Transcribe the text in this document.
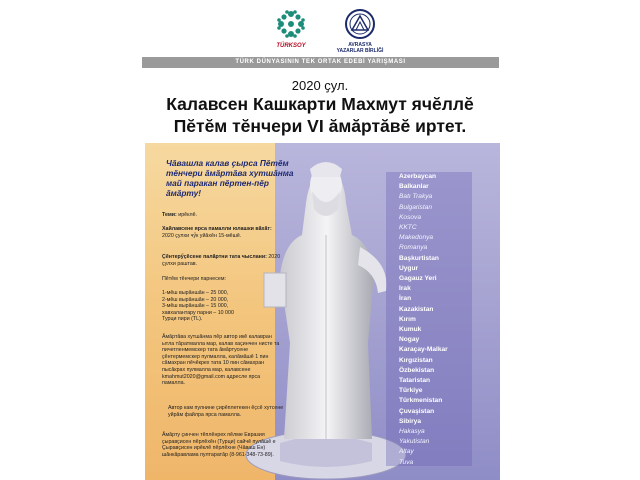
TÜRKSOY	AVRASYA
YAZARLAR BİRLİĞİ
TÜRK DÜNYASININ TEK ORTAK EDEBİ YARIŞMASI
2020 ҫул.
Калавсен Кашкарти Махмут ячĕллĕ
Пĕтĕм тĕнчери VI ăмăртăвĕ иртет.
Чăвашла калав ҫырса Пĕтĕм тĕнчери ăмăртăва хутшăнма май паракан пĕртен-пĕр ăмăрту!
Теми: ирĕклĕ.
Хайлавсене ярса памалли юлашки вăхăт: 2020 ҫулхи чӳк уйăхĕн 15-мĕшĕ.
Ҫĕнтерӳҫĕсене палăртни тата чыслани: 2020 ҫулхи раштав.
Пĕтĕм тĕнчери парнесем:
1-мĕш вырăншăн – 25 000,
2-мĕш вырăншăн – 20 000,
3-мĕш вырăншăн – 15 000,
хавхалантару парни – 10 000
Турци пири (TL).
Ăмăртăва хутшăнма пĕр автор икĕ калавран ытла тăратмалла мар, калав хаçинчен нисте та пичетленмемскер тата ăмăртусене ҫĕнтермемскер пулмалла, калăмăшĕ 1 пин сăмахран пĕчĕкрех тата 10 пин сăмахран пысăкрах пулмалла мар, калавсене kmahmut2020@gmail.com адресле ярса памалла.
Автор кам пулнине ҫирĕплетекен ĕҫсĕ хутсене уйрăм файлра ярса памалла.
Ăмăрту ҫинчен тĕплĕнрех пĕлме Евразия ҫыравҫисен пĕрлĕхĕн (Турци) сайчĕ пулăшĕ е Ҫыравҫисен ирĕклĕ пĕрлĕхне (Чăваш Ен) шăнкăравлама пултаратăр (8-961-348-73-89).
Azerbaycan
Balkanlar
Batı Trakya
Bulgaristan
Kosova
KKTC
Makedonya
Romanya
Başkurtistan
Uygur
Gagauz Yeri
Irak
İran
Kazakistan
Kırım
Kumuk
Nogay
Karaçay-Malkar
Kırgızistan
Özbekistan
Tataristan
Türkiye
Türkmenistan
Çuvaşistan
Sibirya
Hakasya
Yakutistan
Altay
Tuva
